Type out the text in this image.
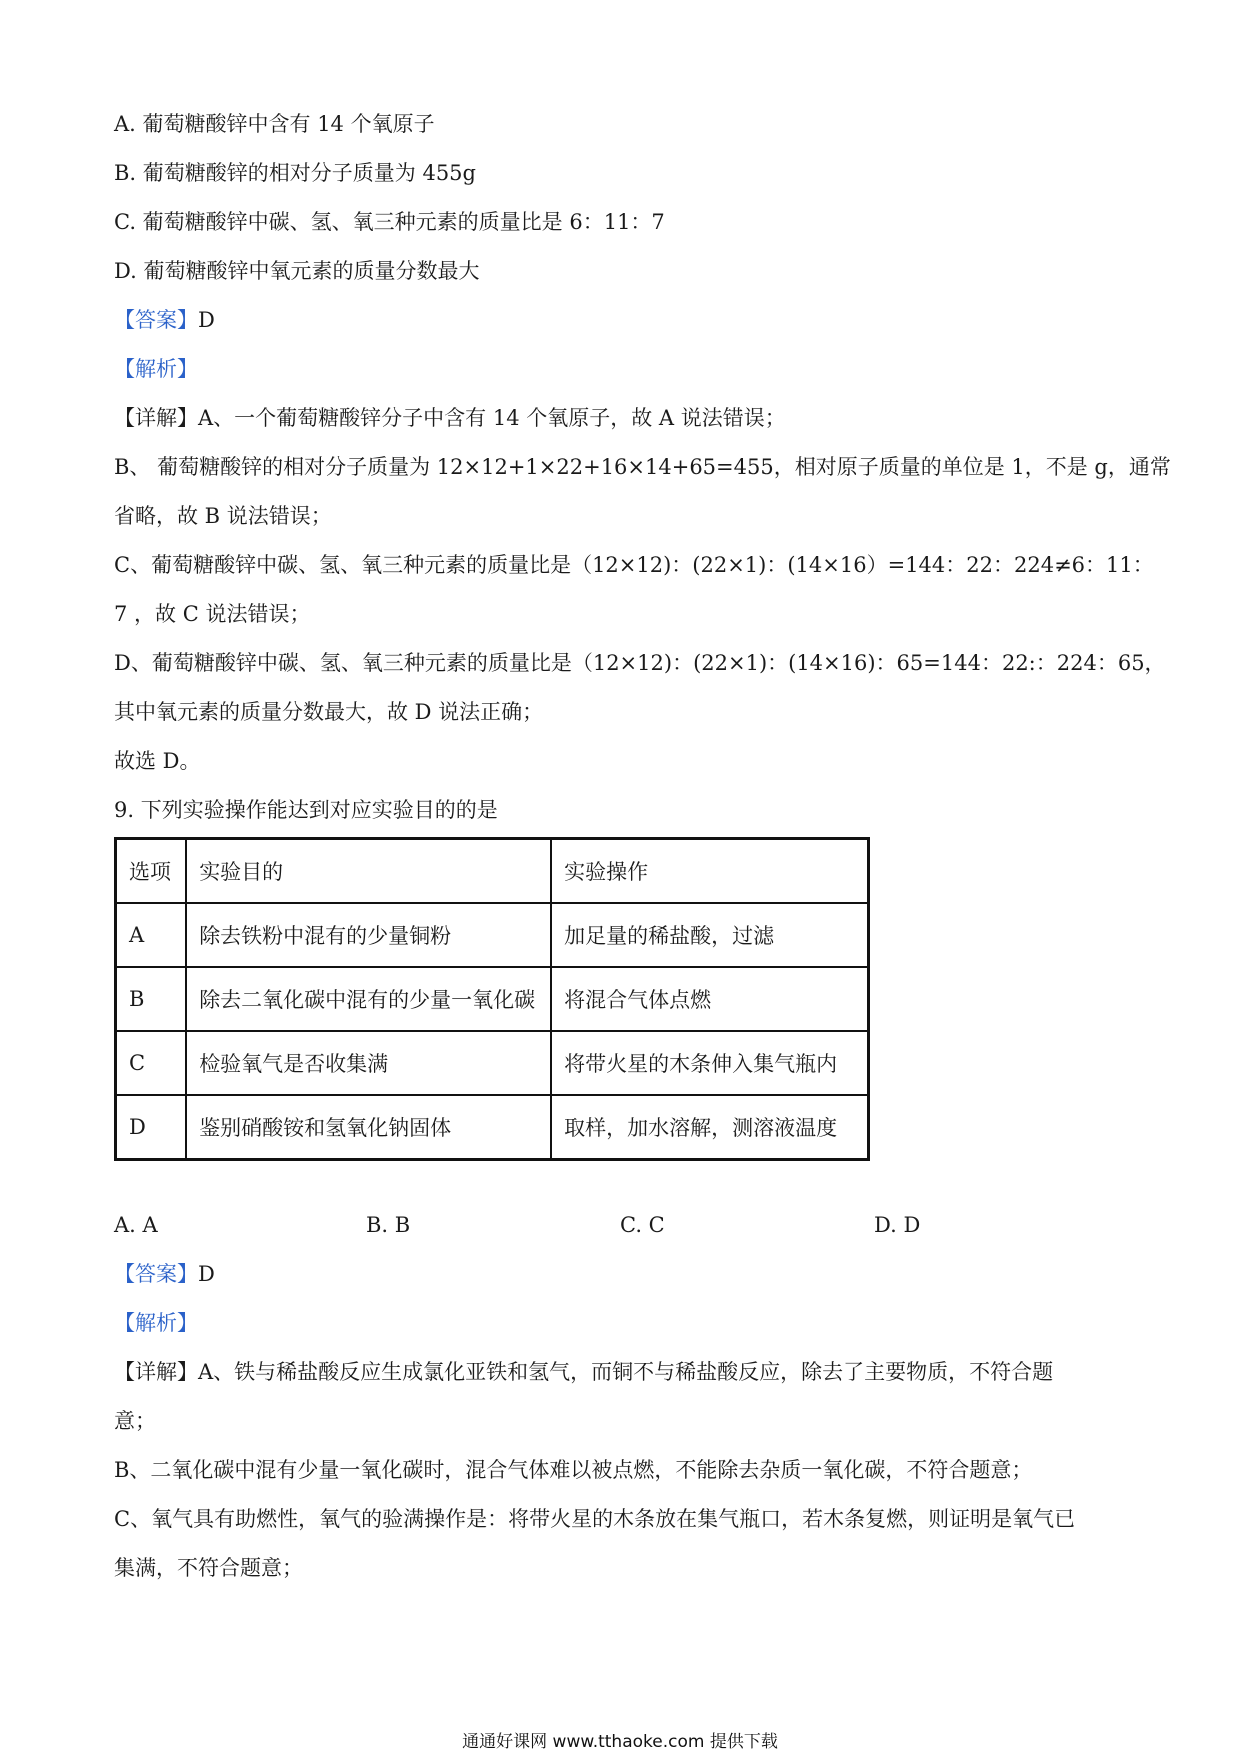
A. 葡萄糖酸锌中含有 14 个氧原子
B. 葡萄糖酸锌的相对分子质量为 455g
C. 葡萄糖酸锌中碳、氢、氧三种元素的质量比是 6：11：7
D. 葡萄糖酸锌中氧元素的质量分数最大
【答案】D
【解析】
【详解】A、一个葡萄糖酸锌分子中含有 14 个氧原子，故 A 说法错误；
B、 葡萄糖酸锌的相对分子质量为 12×12+1×22+16×14+65=455，相对原子质量的单位是 1，不是 g，通常
省略，故 B 说法错误；
C、葡萄糖酸锌中碳、氢、氧三种元素的质量比是（12×12)：(22×1)：(14×16）=144：22：224≠6：11：
7 ，故 C 说法错误；
D、葡萄糖酸锌中碳、氢、氧三种元素的质量比是（12×12)：(22×1)：(14×16)：65=144：22:：224：65，
其中氧元素的质量分数最大，故 D 说法正确；
故选 D。
9. 下列实验操作能达到对应实验目的的是
选项	实验目的	实验操作
A	除去铁粉中混有的少量铜粉	加足量的稀盐酸，过滤
B	除去二氧化碳中混有的少量一氧化碳	将混合气体点燃
C	检验氧气是否收集满	将带火星的木条伸入集气瓶内
D	鉴别硝酸铵和氢氧化钠固体	取样，加水溶解，测溶液温度
A. A	B. B	C. C	D. D
【答案】D
【解析】
【详解】A、铁与稀盐酸反应生成氯化亚铁和氢气，而铜不与稀盐酸反应，除去了主要物质，不符合题
意；
B、二氧化碳中混有少量一氧化碳时，混合气体难以被点燃，不能除去杂质一氧化碳，不符合题意；
C、氧气具有助燃性，氧气的验满操作是：将带火星的木条放在集气瓶口，若木条复燃，则证明是氧气已
集满，不符合题意；
通通好课网 www.tthaoke.com 提供下载
